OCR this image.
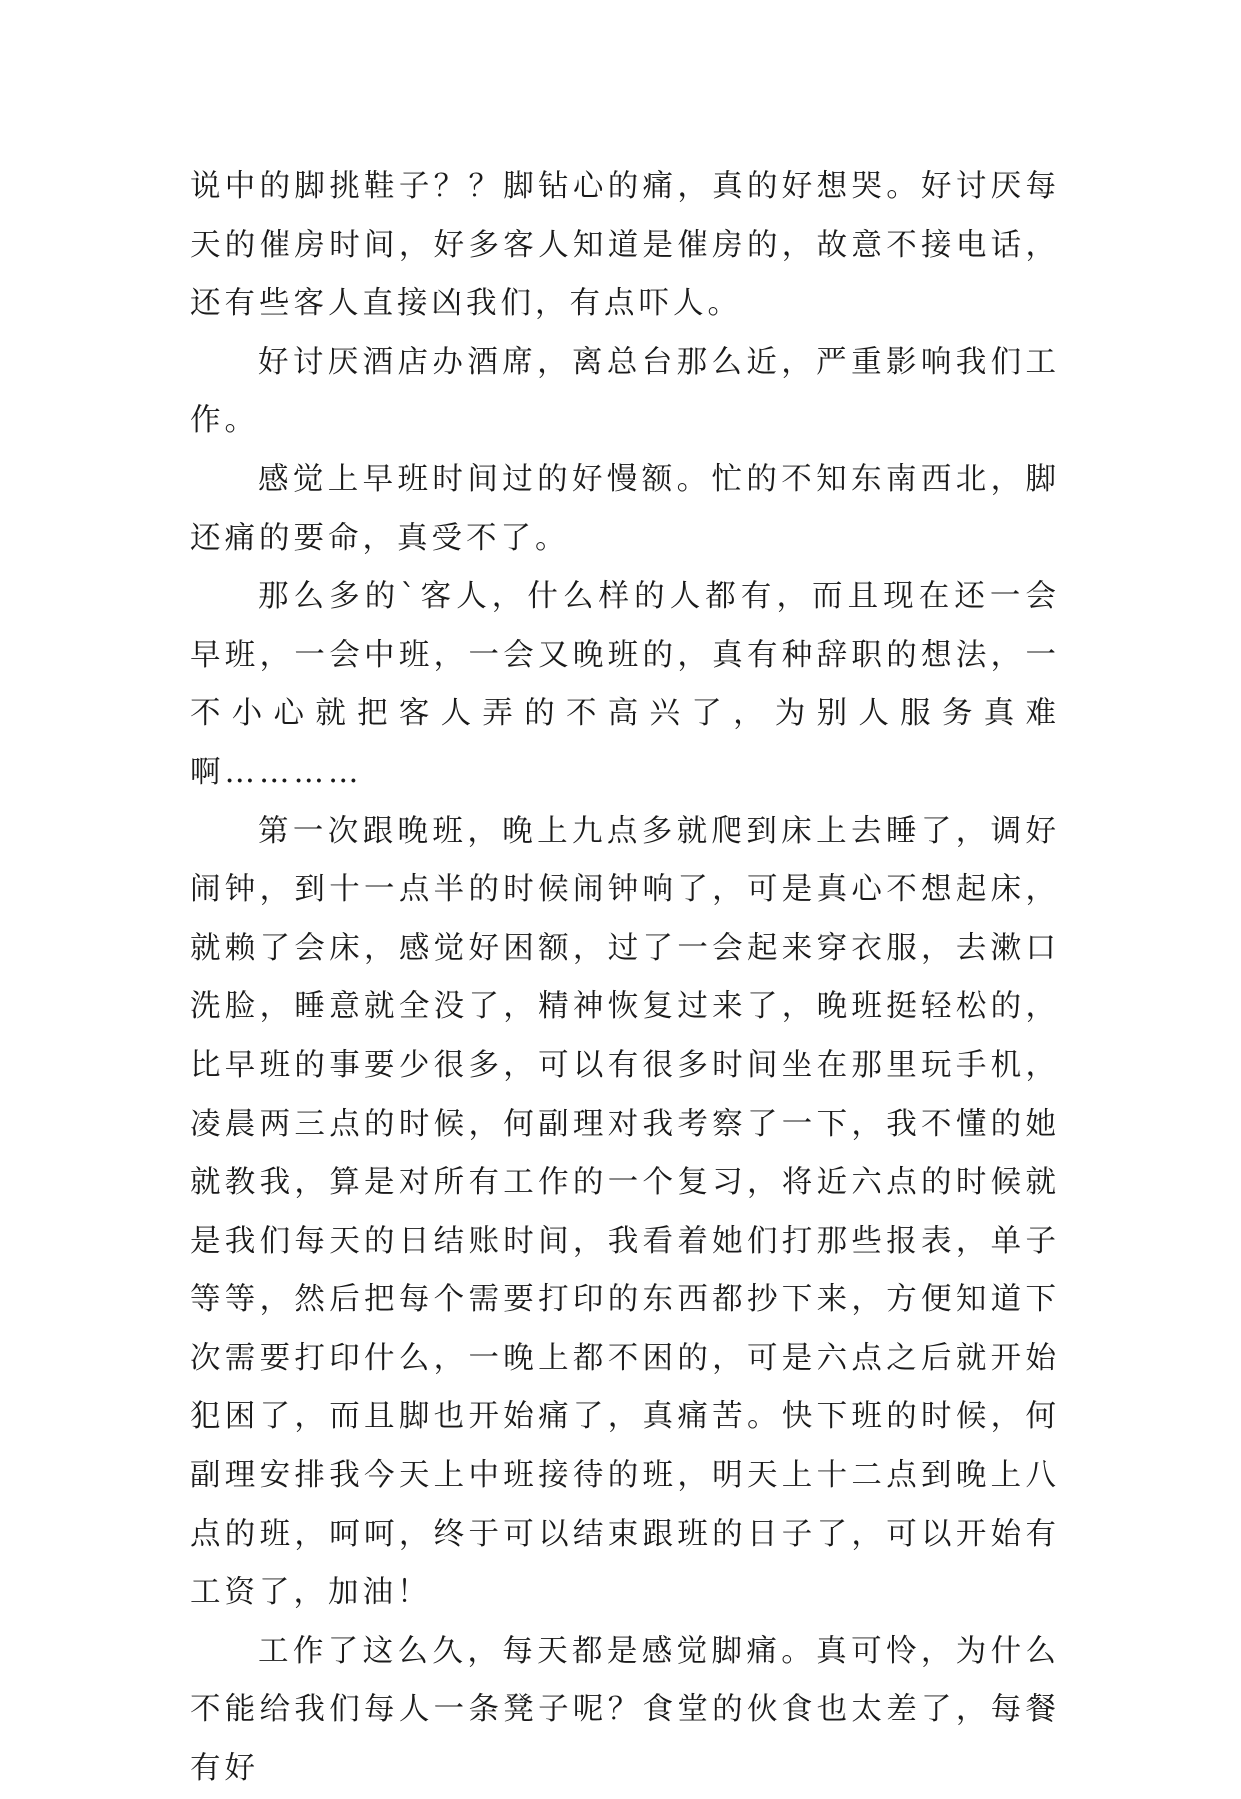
说中的脚挑鞋子？？脚钻心的痛，真的好想哭。好讨厌每天的催房时间，好多客人知道是催房的，故意不接电话，还有些客人直接凶我们，有点吓人。

好讨厌酒店办酒席，离总台那么近，严重影响我们工作。

感觉上早班时间过的好慢额。忙的不知东南西北，脚还痛的要命，真受不了。

那么多的`客人，什么样的人都有，而且现在还一会早班，一会中班，一会又晚班的，真有种辞职的想法，一不小心就把客人弄的不高兴了，为别人服务真难啊…………

第一次跟晚班，晚上九点多就爬到床上去睡了，调好闹钟，到十一点半的时候闹钟响了，可是真心不想起床，就赖了会床，感觉好困额，过了一会起来穿衣服，去漱口洗脸，睡意就全没了，精神恢复过来了，晚班挺轻松的，比早班的事要少很多，可以有很多时间坐在那里玩手机，凌晨两三点的时候，何副理对我考察了一下，我不懂的她就教我，算是对所有工作的一个复习，将近六点的时候就是我们每天的日结账时间，我看着她们打那些报表，单子等等，然后把每个需要打印的东西都抄下来，方便知道下次需要打印什么，一晚上都不困的，可是六点之后就开始犯困了，而且脚也开始痛了，真痛苦。快下班的时候，何副理安排我今天上中班接待的班，明天上十二点到晚上八点的班，呵呵，终于可以结束跟班的日子了，可以开始有工资了，加油！

工作了这么久，每天都是感觉脚痛。真可怜，为什么不能给我们每人一条凳子呢？食堂的伙食也太差了，每餐有好
